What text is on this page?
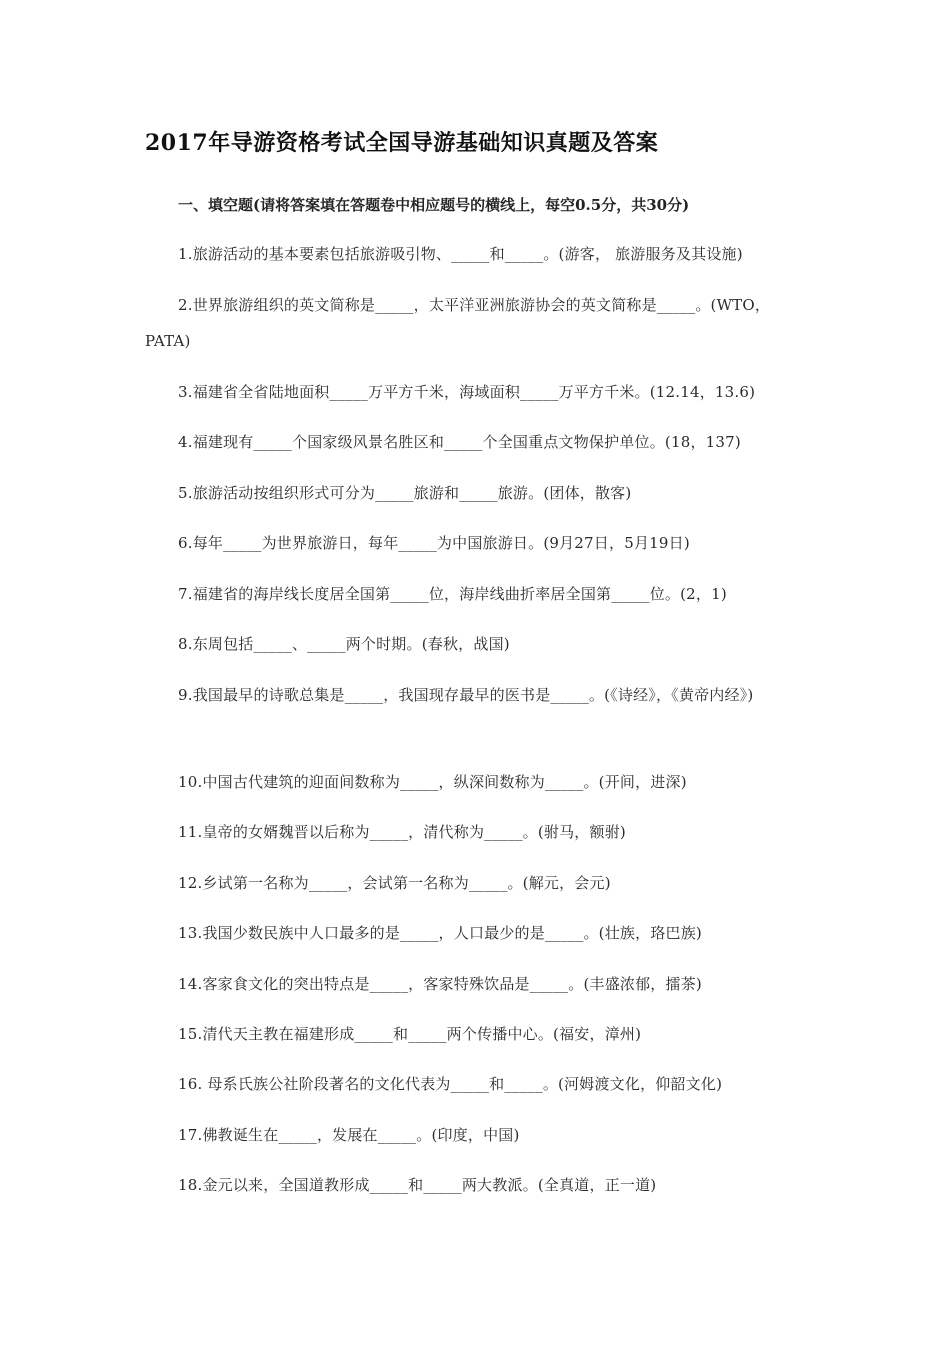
2017年导游资格考试全国导游基础知识真题及答案
一、填空题(请将答案填在答题卷中相应题号的横线上，每空0.5分，共30分)
1.旅游活动的基本要素包括旅游吸引物、_____和_____。(游客， 旅游服务及其设施)
2.世界旅游组织的英文简称是_____，太平洋亚洲旅游协会的英文简称是_____。(WTO，PATA)
3.福建省全省陆地面积_____万平方千米，海域面积_____万平方千米。(12.14，13.6)
4.福建现有_____个国家级风景名胜区和_____个全国重点文物保护单位。(18，137)
5.旅游活动按组织形式可分为_____旅游和_____旅游。(团体，散客)
6.每年_____为世界旅游日，每年_____为中国旅游日。(9月27日，5月19日)
7.福建省的海岸线长度居全国第_____位，海岸线曲折率居全国第_____位。(2，1)
8.东周包括_____、_____两个时期。(春秋，战国)
9.我国最早的诗歌总集是_____，我国现存最早的医书是_____。(《诗经》，《黄帝内经》)
10.中国古代建筑的迎面间数称为_____，纵深间数称为_____。(开间，进深)
11.皇帝的女婿魏晋以后称为_____，清代称为_____。(驸马，额驸)
12.乡试第一名称为_____，会试第一名称为_____。(解元，会元)
13.我国少数民族中人口最多的是_____，人口最少的是_____。(壮族，珞巴族)
14.客家食文化的突出特点是_____，客家特殊饮品是_____。(丰盛浓郁，擂茶)
15.清代天主教在福建形成_____和_____两个传播中心。(福安，漳州)
16. 母系氏族公社阶段著名的文化代表为_____和_____。(河姆渡文化，仰韶文化)
17.佛教诞生在_____，发展在_____。(印度，中国)
18.金元以来，全国道教形成_____和_____两大教派。(全真道，正一道)
